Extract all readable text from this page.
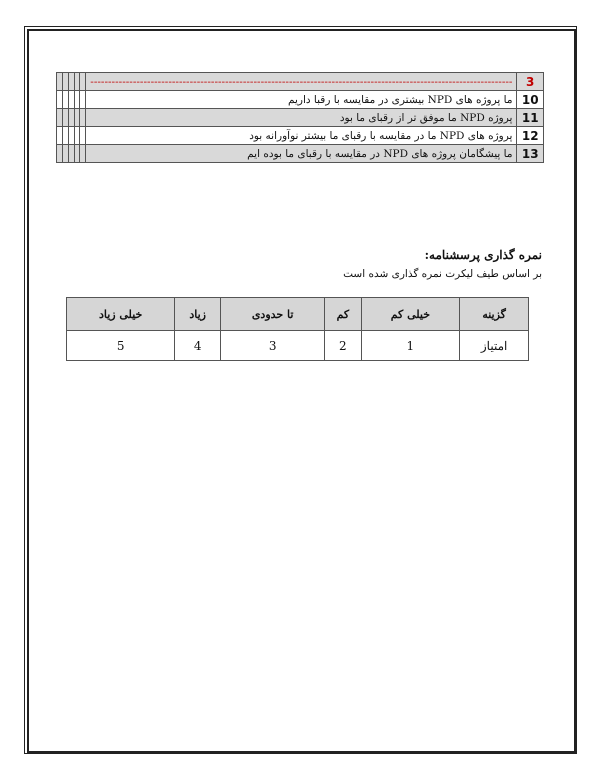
3	-----------------------------------------------------------------------------------------------------------------------					
10	ما پروژه های NPD بیشتری در مقایسه با رقبا داریم					
11	پروژه NPD ما موفق تر از رقبای ما بود					
12	پروژه های NPD ما در مقایسه با رقبای ما بیشتر نوآورانه بود					
13	ما پیشگامان پروژه های NPD در مقایسه با رقبای ما بوده ایم					
نمره گذاری پرسشنامه:
بر اساس طیف لیکرت نمره گذاری شده است
گزینه	خیلی کم	کم	تا حدودی	زیاد	خیلی زیاد
امتیاز	1	2	3	4	5
